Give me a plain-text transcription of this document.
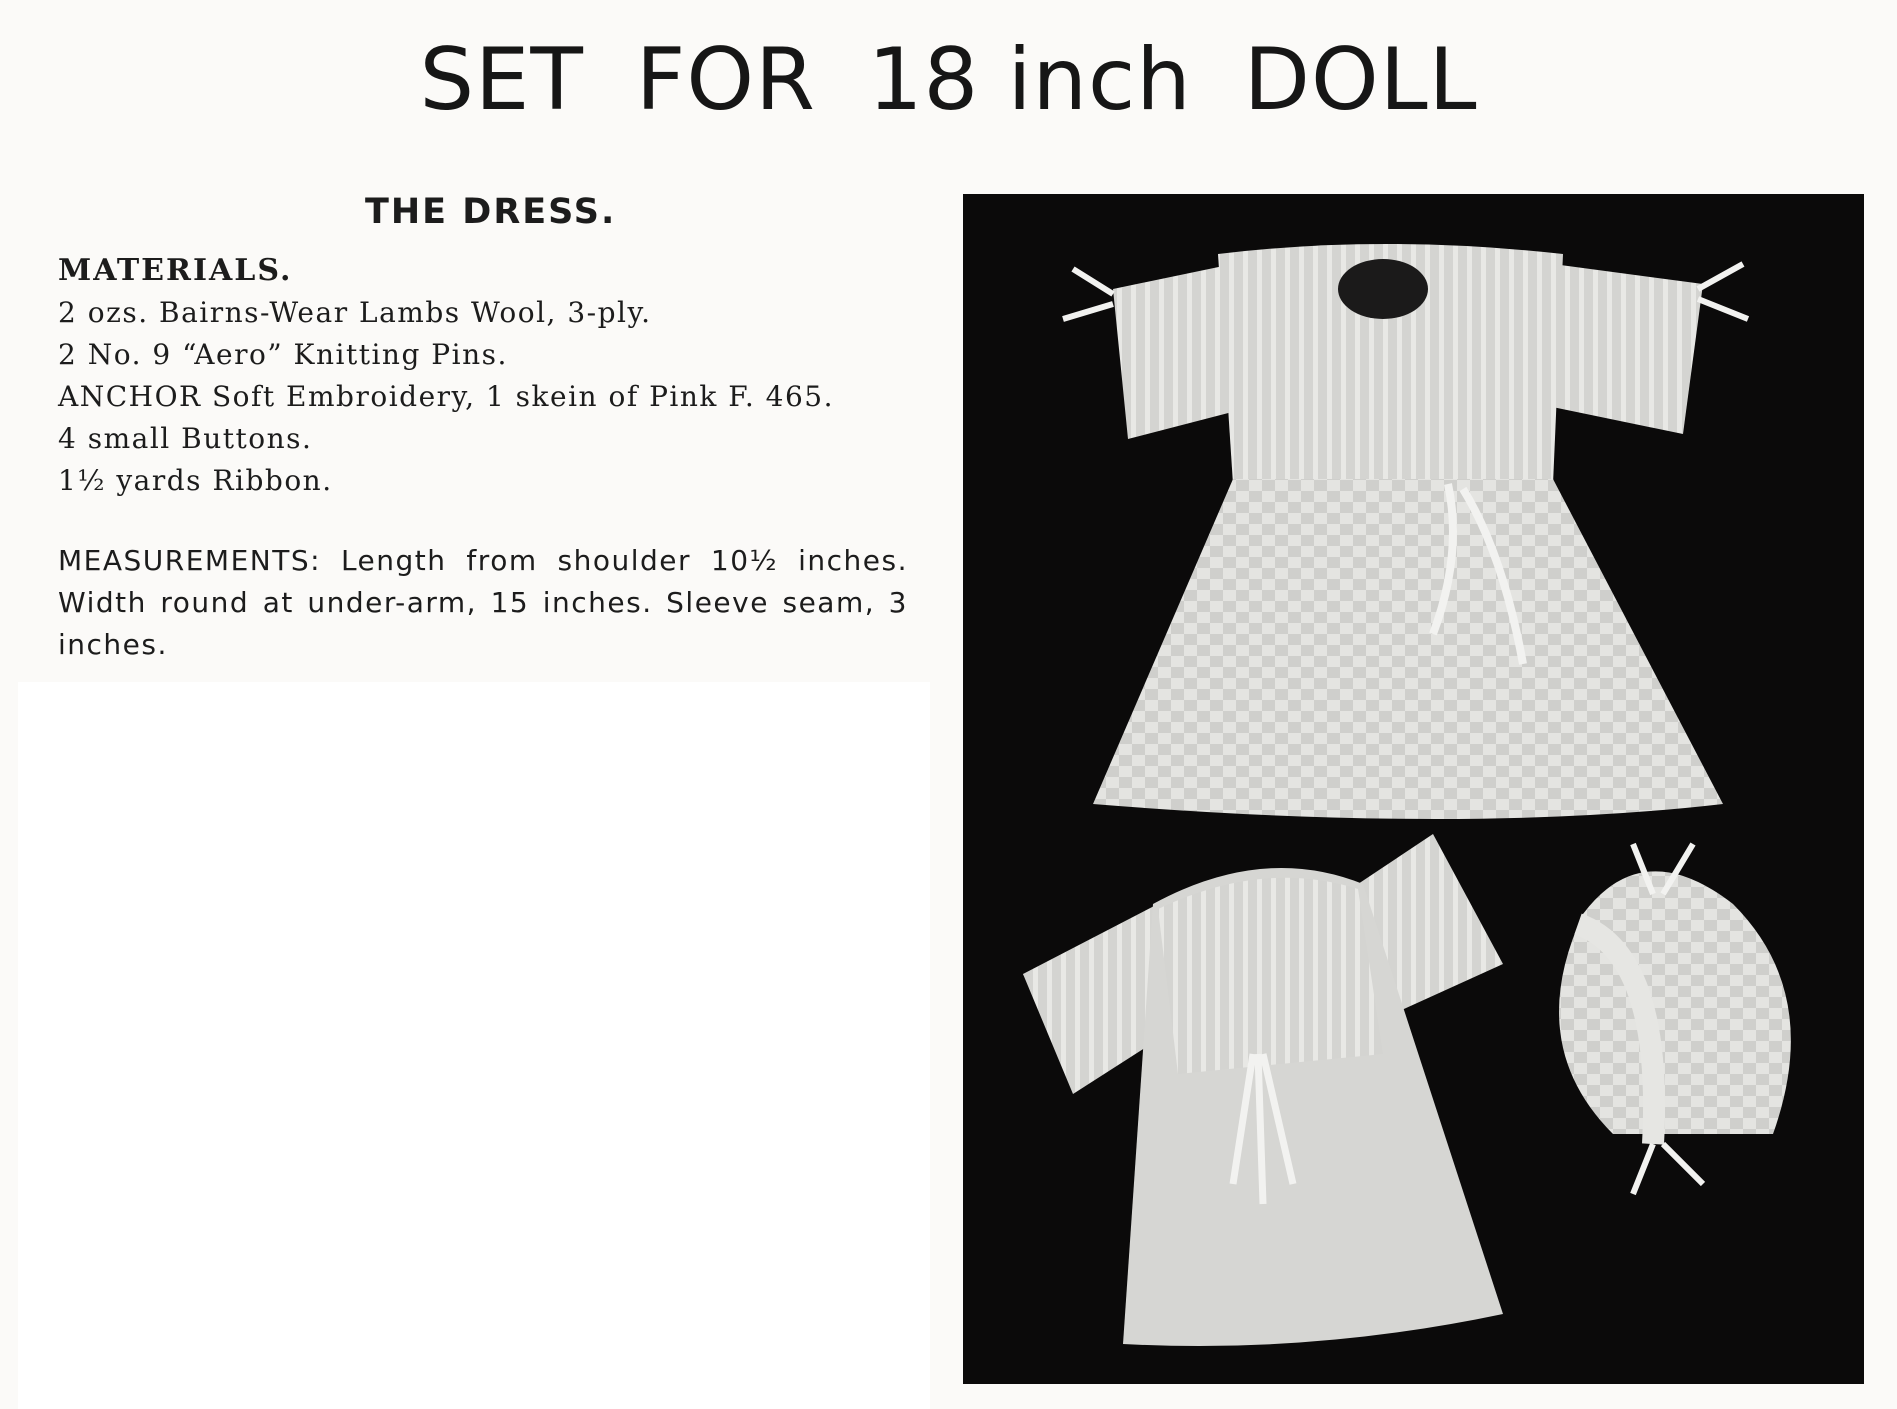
SET FOR 18 inch DOLL
THE DRESS.
MATERIALS.
2 ozs. Bairns-Wear Lambs Wool, 3-ply.
2 No. 9 “Aero” Knitting Pins.
ANCHOR Soft Embroidery, 1 skein of Pink F. 465.
4 small Buttons.
1½ yards Ribbon.

MEASUREMENTS: Length from shoulder 10½ inches. Width round at under-arm, 15 inches. Sleeve seam, 3 inches.
